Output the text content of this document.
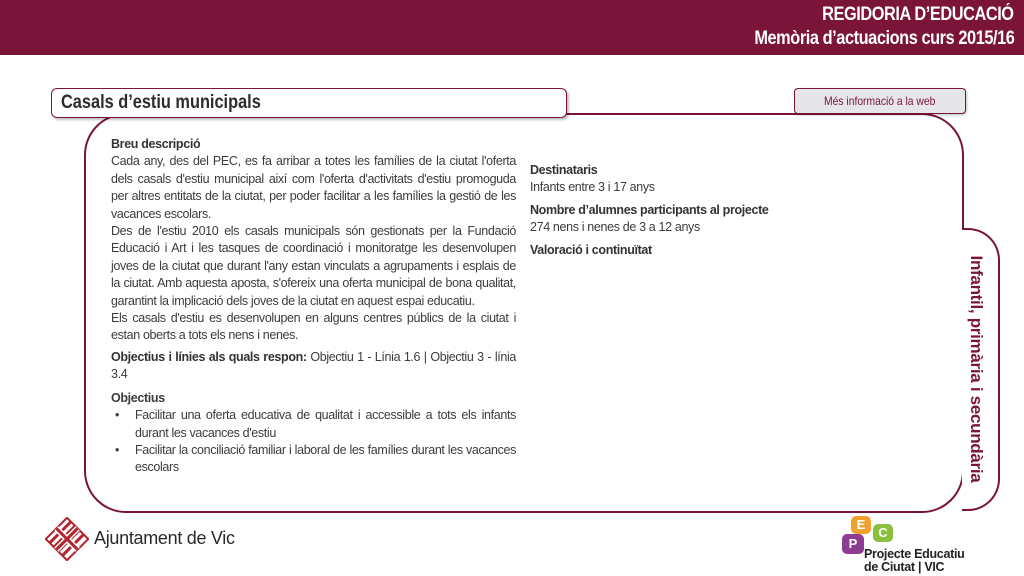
REGIDORIA D’EDUCACIÓ
Memòria d’actuacions curs 2015/16
Infantil, primària i secundària
Casals d’estiu municipals	Més informació a la web

Breu descripció

Cada any, des del PEC, es fa arribar a totes les famílies de la ciutat l'oferta dels casals d'estiu municipal així com l'oferta d'activitats d'estiu promoguda per altres entitats de la ciutat, per poder facilitar a les famílies la gestió de les vacances escolars.

Des de l'estiu 2010 els casals municipals són gestionats per la Fundació Educació i Art i les tasques de coordinació i monitoratge les desenvolupen joves de la ciutat que durant l'any estan vinculats a agrupaments i esplais de la ciutat. Amb aquesta aposta, s'ofereix una oferta municipal de bona qualitat, garantint la implicació dels joves de la ciutat en aquest espai educatiu.

Els casals d'estiu es desenvolupen en alguns centres públics de la ciutat i estan oberts a tots els nens i nenes.

Objectius i línies als quals respon: Objectiu 1 - Línia 1.6 | Objectiu 3 - línia 3.4

Objectius

• Facilitar una oferta educativa de qualitat i accessible a tots els infants durant les vacances d'estiu
• Facilitar la conciliació familiar i laboral de les famílies durant les vacances escolars
Destinataris
Infants entre 3 i 17 anys
Nombre d’alumnes participants al projecte
274 nens i nenes de 3 a 12 anys
Valoració i continuïtat
Ajuntament de Vic
E
C
P
Projecte Educatiu
de Ciutat | VIC
